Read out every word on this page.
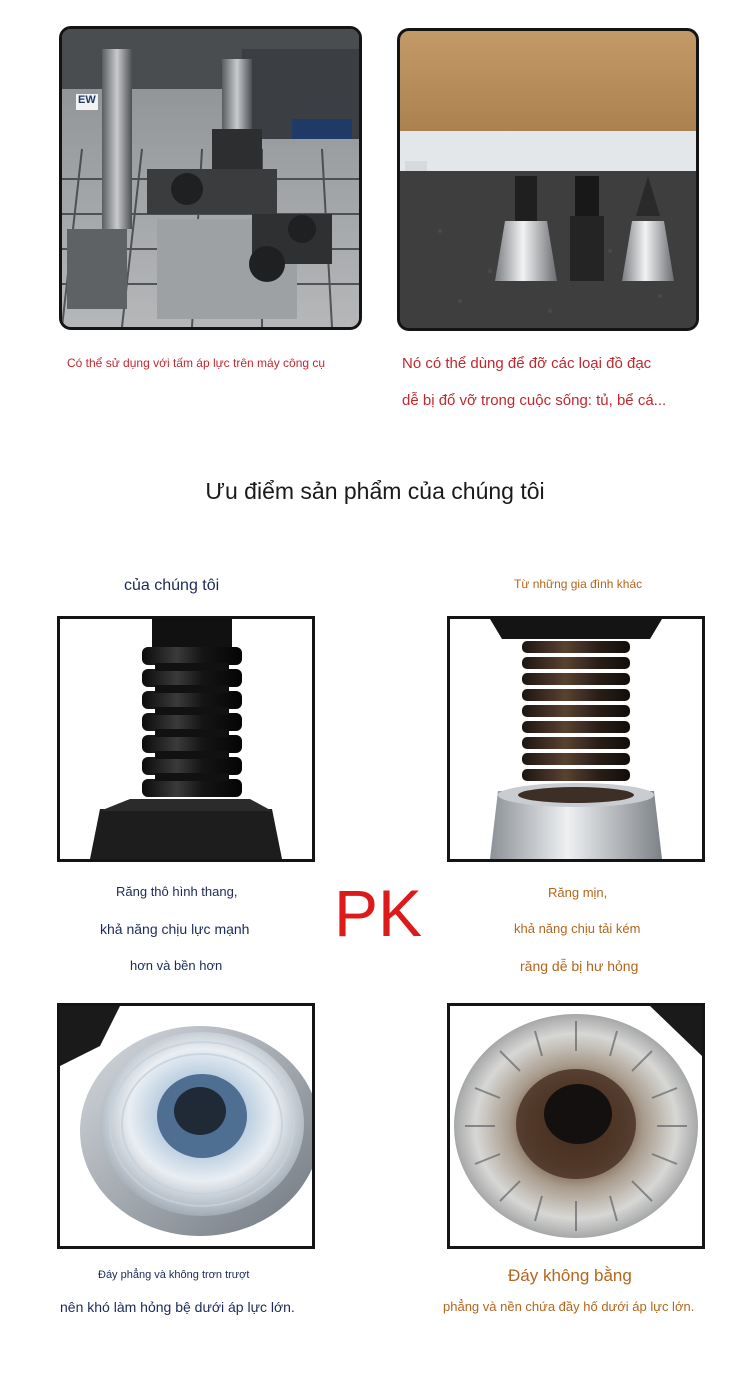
EW
Có thể sử dụng với tấm áp lực trên máy công cụ	Nó có thể dùng để đỡ các loại đồ đạc
dễ bị đổ vỡ trong cuộc sống: tủ, bể cá...
Ưu điểm sản phẩm của chúng tôi
của chúng tôi	Từ những gia đình khác
PK
Răng thô hình thang,
khả năng chịu lực mạnh
hơn và bền hơn
Răng mịn,
khả năng chịu tải kém
răng dễ bị hư hỏng
Đáy phẳng và không trơn trượt
nên khó làm hỏng bệ dưới áp lực lớn.
Đáy không bằng
phẳng và nền chứa đầy hố dưới áp lực lớn.
